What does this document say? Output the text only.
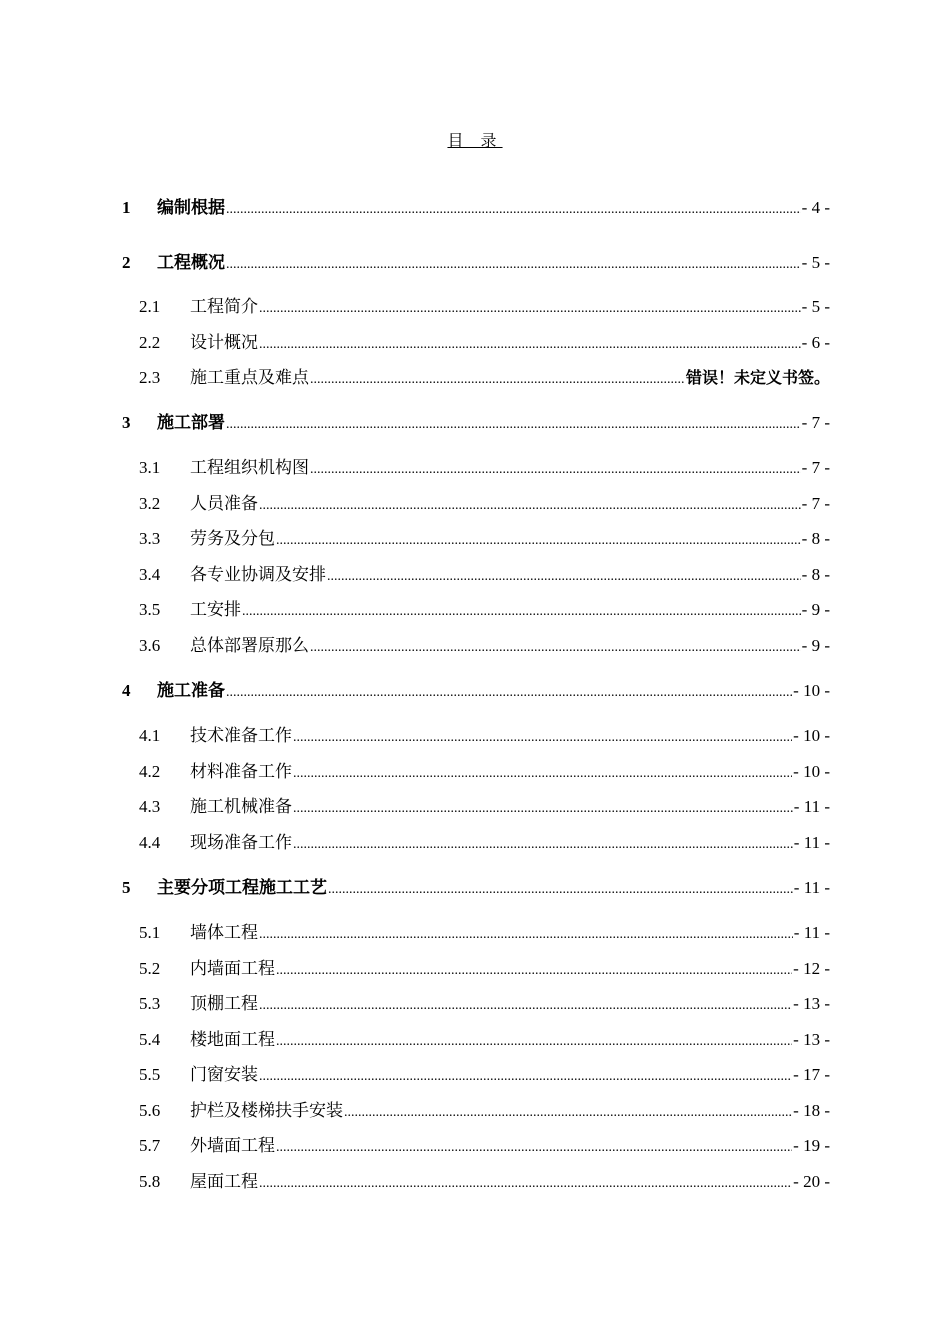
目 录
1 编制根据 .....	- 4 -
2 工程概况 .....	- 5 -
2.1 工程简介 .....	- 5 -
2.2 设计概况 .....	- 6 -
2.3 施工重点及难点 .....	错误！未定义书签。
3 施工部署 .....	- 7 -
3.1 工程组织机构图 .....	- 7 -
3.2 人员准备 .....	- 7 -
3.3 劳务及分包 .....	- 8 -
3.4 各专业协调及安排 .....	- 8 -
3.5 工安排 .....	- 9 -
3.6 总体部署原那么 .....	- 9 -
4 施工准备 .....	- 10 -
4.1 技术准备工作 .....	- 10 -
4.2 材料准备工作 .....	- 10 -
4.3 施工机械准备 .....	- 11 -
4.4 现场准备工作 .....	- 11 -
5 主要分项工程施工工艺 .....	- 11 -
5.1 墙体工程 .....	- 11 -
5.2 内墙面工程 .....	- 12 -
5.3 顶棚工程 .....	- 13 -
5.4 楼地面工程 .....	- 13 -
5.5 门窗安装 .....	- 17 -
5.6 护栏及楼梯扶手安装 .....	- 18 -
5.7 外墙面工程 .....	- 19 -
5.8 屋面工程 .....	- 20 -
